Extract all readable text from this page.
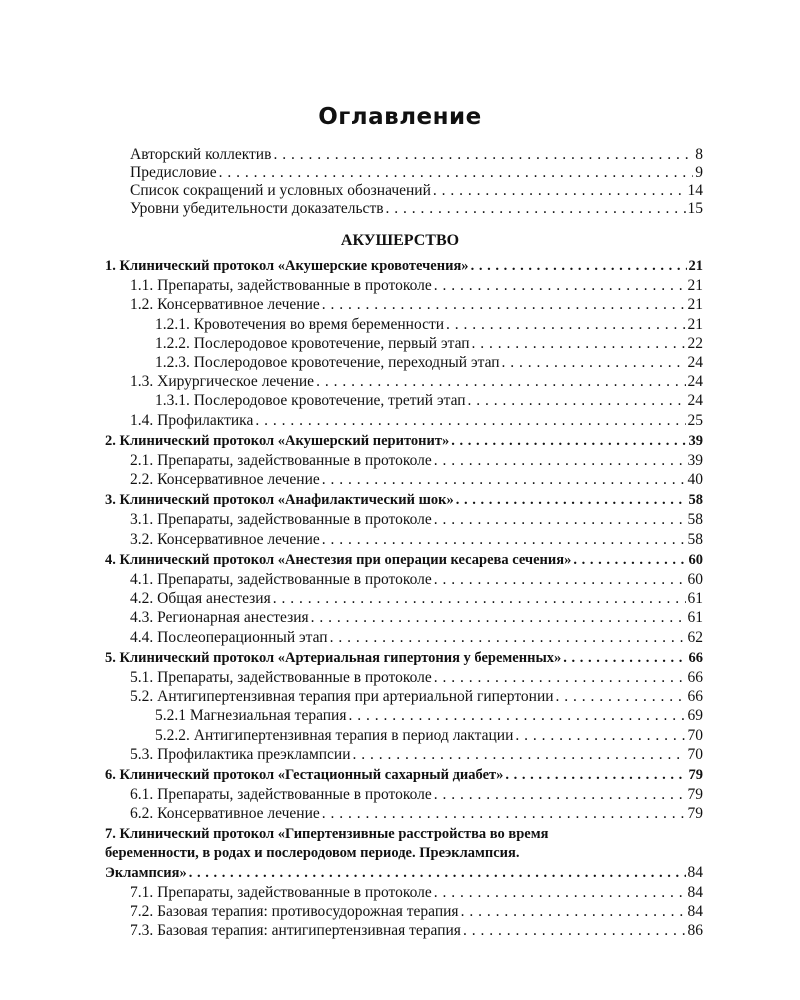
Оглавление
Авторский коллектив . . .	8
Предисловие . . .	9
Список сокращений и условных обозначений . . .	14
Уровни убедительности доказательств . . .	15
АКУШЕРСТВО
1. Клинический протокол «Акушерские кровотечения» . . .	21
1.1. Препараты, задействованные в протоколе . . .	21
1.2. Консервативное лечение . . .	21
1.2.1. Кровотечения во время беременности . . .	21
1.2.2. Послеродовое кровотечение, первый этап . . .	22
1.2.3. Послеродовое кровотечение, переходный этап . . .	24
1.3. Хирургическое лечение . . .	24
1.3.1. Послеродовое кровотечение, третий этап . . .	24
1.4. Профилактика . . .	25
2. Клинический протокол «Акушерский перитонит» . . .	39
2.1. Препараты, задействованные в протоколе . . .	39
2.2. Консервативное лечение . . .	40
3. Клинический протокол «Анафилактический шок» . . .	58
3.1. Препараты, задействованные в протоколе . . .	58
3.2. Консервативное лечение . . .	58
4. Клинический протокол «Анестезия при операции кесарева сечения» . . .	60
4.1. Препараты, задействованные в протоколе . . .	60
4.2. Общая анестезия . . .	61
4.3. Регионарная анестезия . . .	61
4.4. Послеоперационный этап . . .	62
5. Клинический протокол «Артериальная гипертония у беременных» . . .	66
5.1. Препараты, задействованные в протоколе . . .	66
5.2. Антигипертензивная терапия при артериальной гипертонии . . .	66
5.2.1 Магнезиальная терапия . . .	69
5.2.2. Антигипертензивная терапия в период лактации . . .	70
5.3. Профилактика преэклампсии . . .	70
6. Клинический протокол «Гестационный сахарный диабет» . . .	79
6.1. Препараты, задействованные в протоколе . . .	79
6.2. Консервативное лечение . . .	79
7. Клинический протокол «Гипертензивные расстройства во время
беременности, в родах и послеродовом периоде. Преэклампсия.
Эклампсия» . . .	84
7.1. Препараты, задействованные в протоколе . . .	84
7.2. Базовая терапия: противосудорожная терапия . . .	84
7.3. Базовая терапия: антигипертензивная терапия . . .	86
